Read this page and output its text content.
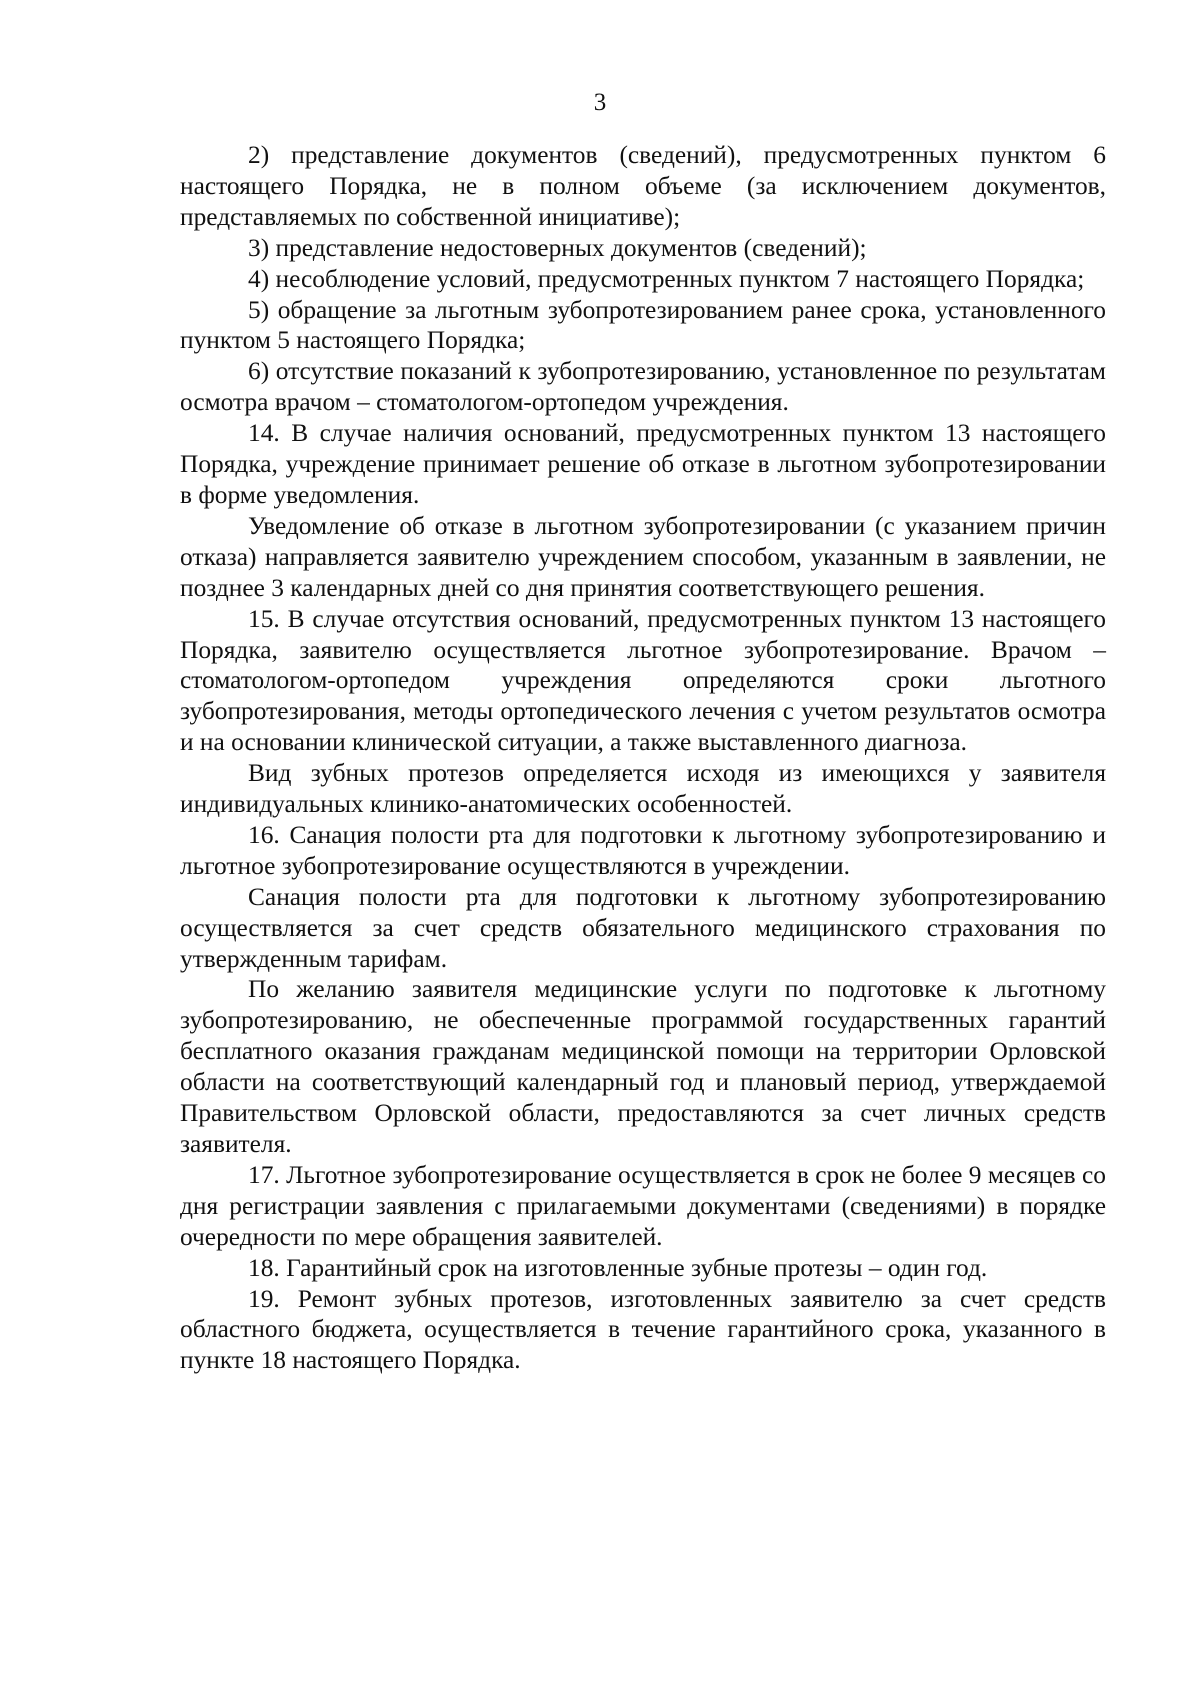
3

2) представление документов (сведений), предусмотренных пунктом 6 настоящего Порядка, не в полном объеме (за исключением документов, представляемых по собственной инициативе);

3) представление недостоверных документов (сведений);

4) несоблюдение условий, предусмотренных пунктом 7 настоящего Порядка;

5) обращение за льготным зубопротезированием ранее срока, установленного пунктом 5 настоящего Порядка;

6) отсутствие показаний к зубопротезированию, установленное по результатам осмотра врачом – стоматологом-ортопедом учреждения.

14. В случае наличия оснований, предусмотренных пунктом 13 настоящего Порядка, учреждение принимает решение об отказе в льготном зубопротезировании в форме уведомления.

Уведомление об отказе в льготном зубопротезировании (с указанием причин отказа) направляется заявителю учреждением способом, указанным в заявлении, не позднее 3 календарных дней со дня принятия соответствующего решения.

15. В случае отсутствия оснований, предусмотренных пунктом 13 настоящего Порядка, заявителю осуществляется льготное зубопротезирование. Врачом – стоматологом-ортопедом учреждения определяются сроки льготного зубопротезирования, методы ортопедического лечения с учетом результатов осмотра и на основании клинической ситуации, а также выставленного диагноза.

Вид зубных протезов определяется исходя из имеющихся у заявителя индивидуальных клинико-анатомических особенностей.

16. Санация полости рта для подготовки к льготному зубопротезированию и льготное зубопротезирование осуществляются в учреждении.

Санация полости рта для подготовки к льготному зубопротезированию осуществляется за счет средств обязательного медицинского страхования по утвержденным тарифам.

По желанию заявителя медицинские услуги по подготовке к льготному зубопротезированию, не обеспеченные программой государственных гарантий бесплатного оказания гражданам медицинской помощи на территории Орловской области на соответствующий календарный год и плановый период, утверждаемой Правительством Орловской области, предоставляются за счет личных средств заявителя.

17. Льготное зубопротезирование осуществляется в срок не более 9 месяцев со дня регистрации заявления с прилагаемыми документами (сведениями) в порядке очередности по мере обращения заявителей.

18. Гарантийный срок на изготовленные зубные протезы – один год.

19. Ремонт зубных протезов, изготовленных заявителю за счет средств областного бюджета, осуществляется в течение гарантийного срока, указанного в пункте 18 настоящего Порядка.
